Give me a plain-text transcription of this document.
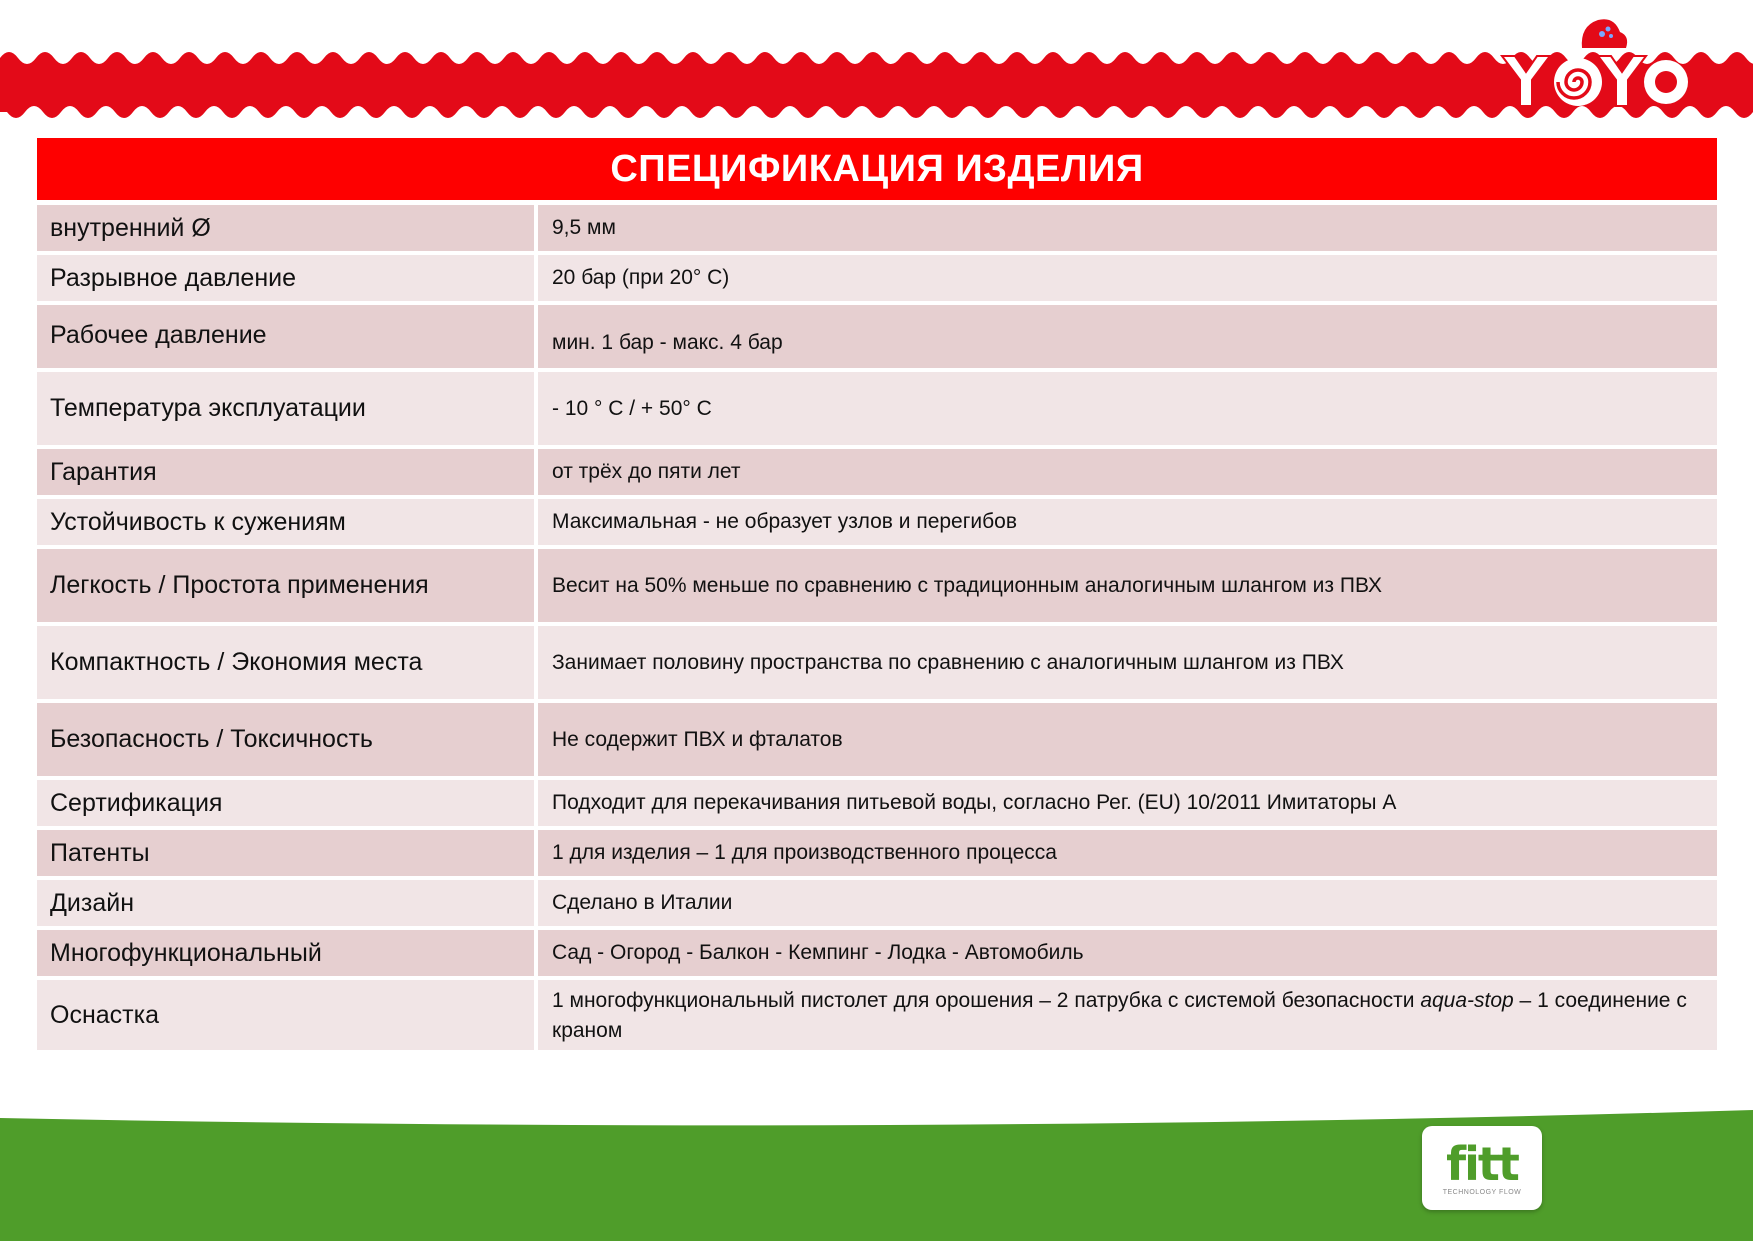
СПЕЦИФИКАЦИЯ ИЗДЕЛИЯ
внутренний Ø	9,5 мм
Разрывное давление	20 бар (при 20° С)
Рабочее давление	мин. 1 бар - макс. 4 бар
Температура эксплуатации	- 10 ° C / + 50° C
Гарантия	от трёх до пяти лет
Устойчивость к сужениям	Максимальная - не образует узлов и перегибов
Легкость / Простота применения	Весит на 50% меньше по сравнению с традиционным аналогичным шлангом из ПВХ
Компактность / Экономия места	Занимает половину пространства по сравнению с аналогичным шлангом из ПВХ
Безопасность / Токсичность	Не содержит ПВХ и фталатов
Сертификация	Подходит для перекачивания питьевой воды, согласно Рег. (EU) 10/2011 Имитаторы А
Патенты	1 для изделия – 1 для производственного процесса
Дизайн	Сделано в Италии
Многофункциональный	Сад - Огород - Балкон - Кемпинг - Лодка - Автомобиль
Оснастка	1 многофункциональный пистолет для орошения – 2 патрубка с системой безопасности aqua-stop – 1 соединение с краном
fitt
TECHNOLOGY FLOW
